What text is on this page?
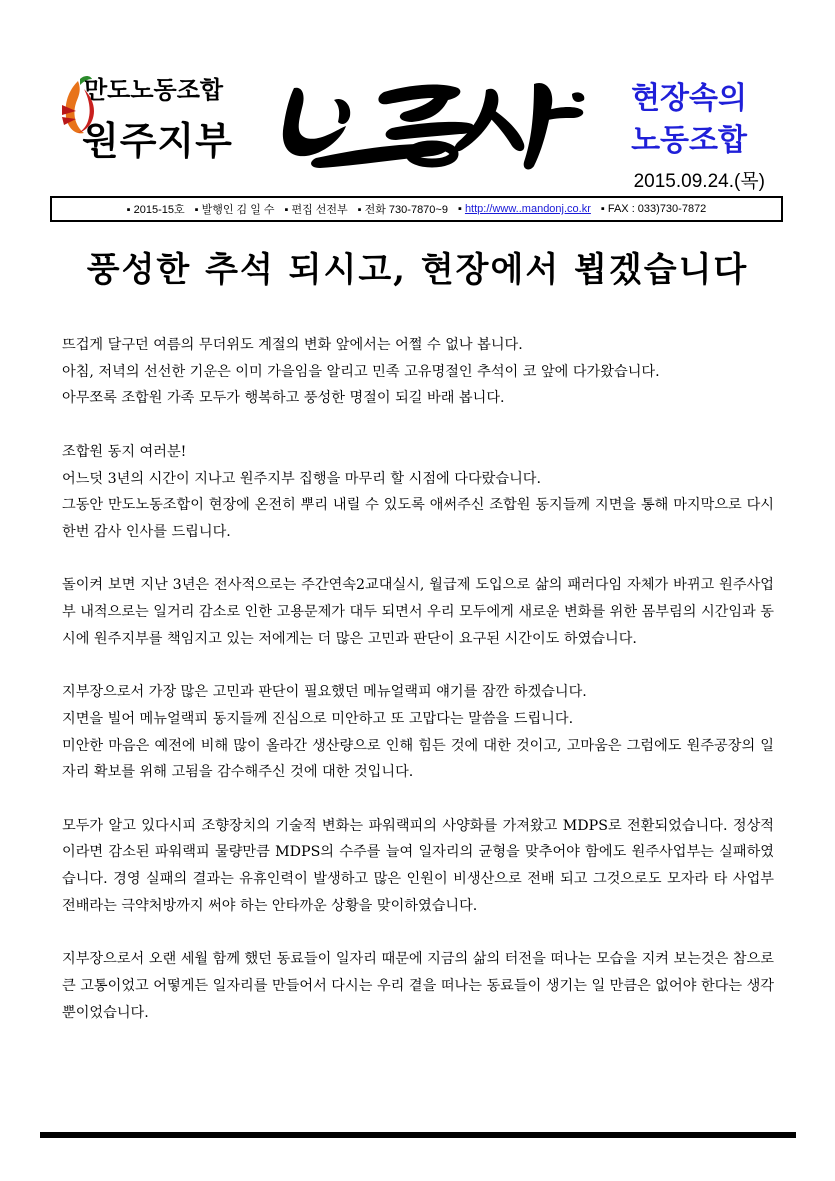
만도노동조합
원주지부
현장속의
노동조합
2015.09.24.(목)
▪ 2015-15호 ▪ 발행인 김 일 수 ▪ 편집 선전부 ▪ 전화 730-7870~9 ▪ http://www..mandonj.co.kr ▪ FAX : 033)730-7872
풍성한 추석 되시고, 현장에서 뵙겠습니다

뜨겁게 달구던 여름의 무더위도 계절의 변화 앞에서는 어쩔 수 없나 봅니다.
아침, 저녁의 선선한 기운은 이미 가을임을 알리고 민족 고유명절인 추석이 코 앞에 다가왔습니다.
아무쪼록 조합원 가족 모두가 행복하고 풍성한 명절이 되길 바래 봅니다.

조합원 동지 여러분!
어느덧 3년의 시간이 지나고 원주지부 집행을 마무리 할 시점에 다다랐습니다.
그동안 만도노동조합이 현장에 온전히 뿌리 내릴 수 있도록 애써주신 조합원 동지들께 지면을 통해 마지막으로 다시 한번 감사 인사를 드립니다.

돌이켜 보면 지난 3년은 전사적으로는 주간연속2교대실시, 월급제 도입으로 삶의 패러다임 자체가 바뀌고 원주사업부 내적으로는 일거리 감소로 인한 고용문제가 대두 되면서 우리 모두에게 새로운 변화를 위한 몸부림의 시간임과 동시에 원주지부를 책임지고 있는 저에게는 더 많은 고민과 판단이 요구된 시간이도 하였습니다.

지부장으로서 가장 많은 고민과 판단이 필요했던 메뉴얼랙피 얘기를 잠깐 하겠습니다.
지면을 빌어 메뉴얼랙피 동지들께 진심으로 미안하고 또 고맙다는 말씀을 드립니다.
미안한 마음은 예전에 비해 많이 올라간 생산량으로 인해 힘든 것에 대한 것이고, 고마움은 그럼에도 원주공장의 일자리 확보를 위해 고됨을 감수해주신 것에 대한 것입니다.

모두가 알고 있다시피 조향장치의 기술적 변화는 파워랙피의 사양화를 가져왔고 MDPS로 전환되었습니다. 정상적이라면 감소된 파워랙피 물량만큼 MDPS의 수주를 늘여 일자리의 균형을 맞추어야 함에도 원주사업부는 실패하였습니다. 경영 실패의 결과는 유휴인력이 발생하고 많은 인원이 비생산으로 전배 되고 그것으로도 모자라 타 사업부 전배라는 극약처방까지 써야 하는 안타까운 상황을 맞이하였습니다.

지부장으로서 오랜 세월 함께 했던 동료들이 일자리 때문에 지금의 삶의 터전을 떠나는 모습을 지켜 보는것은 참으로 큰 고통이었고 어떻게든 일자리를 만들어서 다시는 우리 곁을 떠나는 동료들이 생기는 일 만큼은 없어야 한다는 생각뿐이었습니다.
